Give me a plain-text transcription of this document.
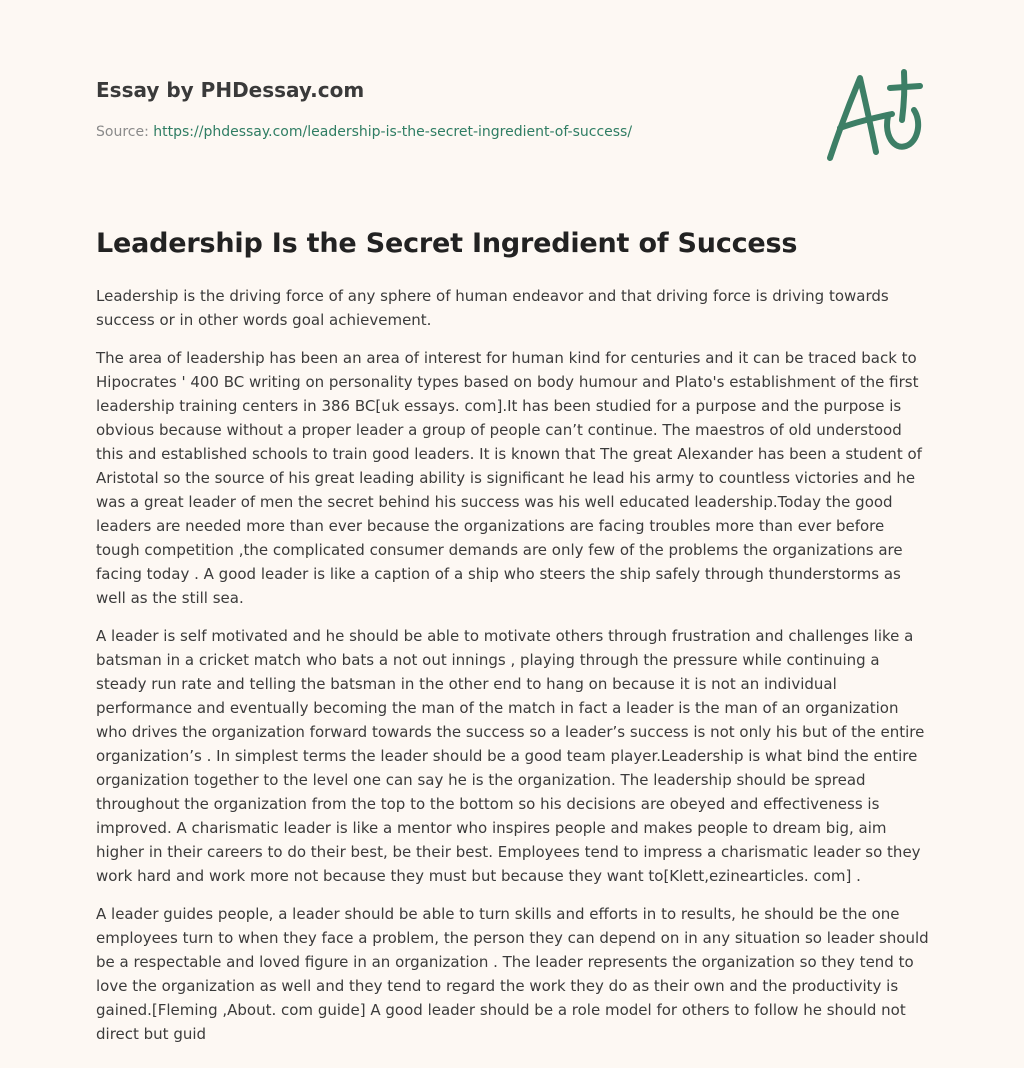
Essay by PHDessay.com
Source: https://phdessay.com/leadership-is-the-secret-ingredient-of-success/
Leadership Is the Secret Ingredient of Success

Leadership is the driving force of any sphere of human endeavor and that driving force is driving towards success or in other words goal achievement.

The area of leadership has been an area of interest for human kind for centuries and it can be traced back to Hipocrates ' 400 BC writing on personality types based on body humour and Plato's establishment of the first leadership training centers in 386 BC[uk essays. com].It has been studied for a purpose and the purpose is obvious because without a proper leader a group of people can’t continue. The maestros of old understood this and established schools to train good leaders. It is known that The great Alexander has been a student of Aristotal so the source of his great leading ability is significant he lead his army to countless victories and he was a great leader of men the secret behind his success was his well educated leadership.Today the good leaders are needed more than ever because the organizations are facing troubles more than ever before tough competition ,the complicated consumer demands are only few of the problems the organizations are facing today . A good leader is like a caption of a ship who steers the ship safely through thunderstorms as well as the still sea.

A leader is self motivated and he should be able to motivate others through frustration and challenges like a batsman in a cricket match who bats a not out innings , playing through the pressure while continuing a steady run rate and telling the batsman in the other end to hang on because it is not an individual performance and eventually becoming the man of the match in fact a leader is the man of an organization who drives the organization forward towards the success so a leader’s success is not only his but of the entire organization’s . In simplest terms the leader should be a good team player.Leadership is what bind the entire organization together to the level one can say he is the organization. The leadership should be spread throughout the organization from the top to the bottom so his decisions are obeyed and effectiveness is improved. A charismatic leader is like a mentor who inspires people and makes people to dream big, aim higher in their careers to do their best, be their best. Employees tend to impress a charismatic leader so they work hard and work more not because they must but because they want to[Klett,ezinearticles. com] .

A leader guides people, a leader should be able to turn skills and efforts in to results, he should be the one employees turn to when they face a problem, the person they can depend on in any situation so leader should be a respectable and loved figure in an organization . The leader represents the organization so they tend to love the organization as well and they tend to regard the work they do as their own and the productivity is gained.[Fleming ,About. com guide] A good leader should be a role model for others to follow he should not direct but guid
